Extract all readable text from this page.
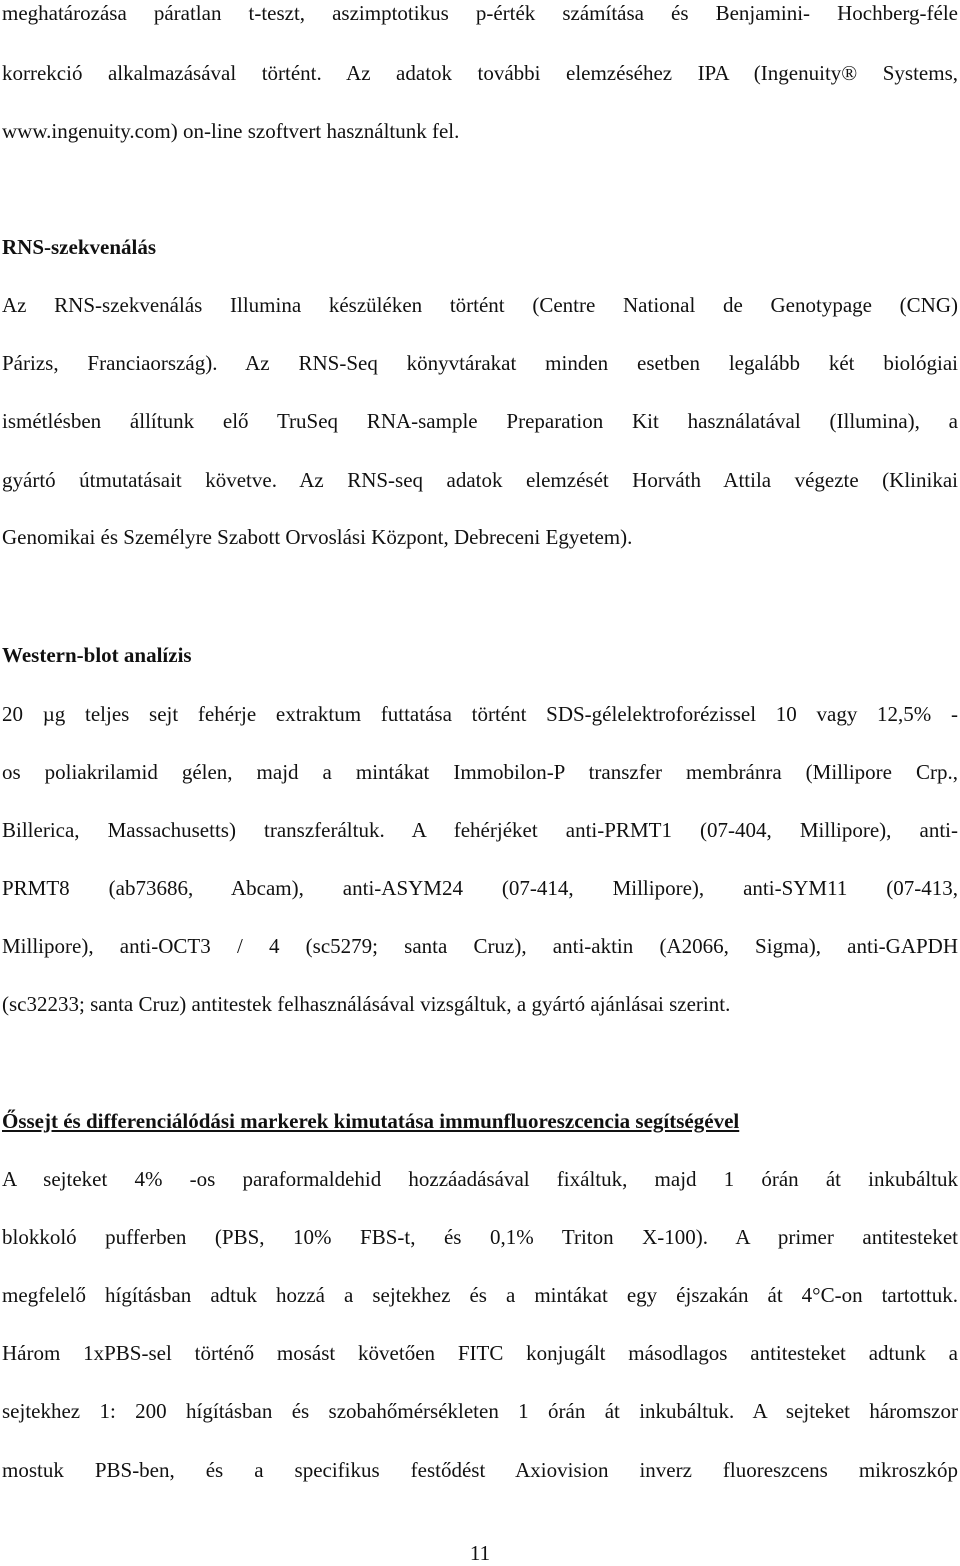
meghatározása páratlan t-teszt, aszimptotikus p-érték számítása és Benjamini- Hochberg-féle
korrekció alkalmazásával történt. Az adatok további elemzéséhez IPA (Ingenuity® Systems,
www.ingenuity.com) on-line szoftvert használtunk fel.
RNS-szekvenálás
Az RNS-szekvenálás Illumina készüléken történt (Centre National de Genotypage (CNG)
Párizs, Franciaország). Az RNS-Seq könyvtárakat minden esetben legalább két biológiai
ismétlésben állítunk elő TruSeq RNA-sample Preparation Kit használatával (Illumina), a
gyártó útmutatásait követve. Az RNS-seq adatok elemzését Horváth Attila végezte (Klinikai
Genomikai és Személyre Szabott Orvoslási Központ, Debreceni Egyetem).
Western-blot analízis
20 µg teljes sejt fehérje extraktum futtatása történt SDS-gélelektroforézissel 10 vagy 12,5% -
os poliakrilamid gélen, majd a mintákat Immobilon-P transzfer membránra (Millipore Crp.,
Billerica, Massachusetts) transzferáltuk. A fehérjéket anti-PRMT1 (07-404, Millipore), anti-
PRMT8 (ab73686, Abcam), anti-ASYM24 (07-414, Millipore), anti-SYM11 (07-413,
Millipore), anti-OCT3 / 4 (sc5279; santa Cruz), anti-aktin (A2066, Sigma), anti-GAPDH
(sc32233; santa Cruz) antitestek felhasználásával vizsgáltuk, a gyártó ajánlásai szerint.
Őssejt és differenciálódási markerek kimutatása immunfluoreszcencia segítségével
A sejteket 4% -os paraformaldehid hozzáadásával fixáltuk, majd 1 órán át inkubáltuk
blokkoló pufferben (PBS, 10% FBS-t, és 0,1% Triton X-100). A primer antitesteket
megfelelő hígításban adtuk hozzá a sejtekhez és a mintákat egy éjszakán át 4°C-on tartottuk.
Három 1xPBS-sel történő mosást követően FITC konjugált másodlagos antitesteket adtunk a
sejtekhez 1: 200 hígításban és szobahőmérsékleten 1 órán át inkubáltuk. A sejteket háromszor
mostuk PBS-ben, és a specifikus festődést Axiovision inverz fluoreszcens mikroszkóp
11
